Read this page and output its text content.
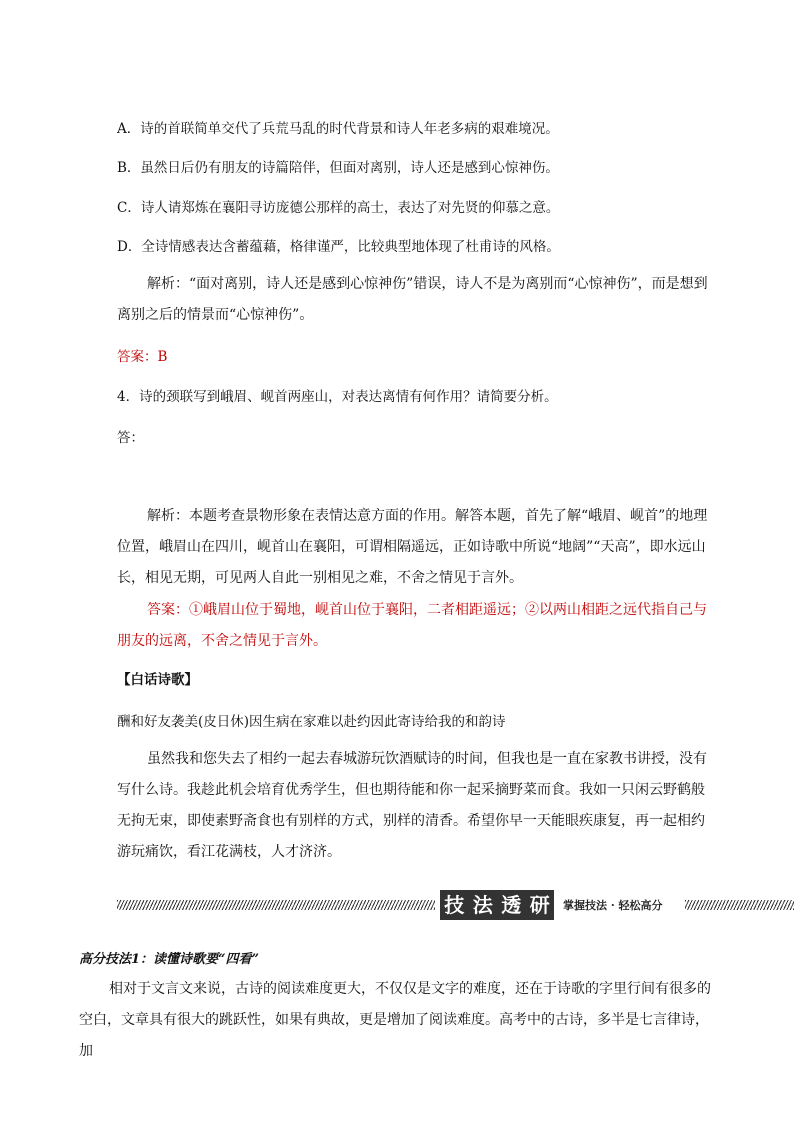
A．诗的首联简单交代了兵荒马乱的时代背景和诗人年老多病的艰难境况。
B．虽然日后仍有朋友的诗篇陪伴，但面对离别，诗人还是感到心惊神伤。
C．诗人请郑炼在襄阳寻访庞德公那样的高士，表达了对先贤的仰慕之意。
D．全诗情感表达含蓄蕴藉，格律谨严，比较典型地体现了杜甫诗的风格。
解析：“面对离别，诗人还是感到心惊神伤”错误，诗人不是为离别而“心惊神伤”，而是想到离别之后的情景而“心惊神伤”。
答案：B
4．诗的颈联写到峨眉、岘首两座山，对表达离情有何作用？请简要分析。
答：
解析：本题考查景物形象在表情达意方面的作用。解答本题，首先了解“峨眉、岘首”的地理位置，峨眉山在四川，岘首山在襄阳，可谓相隔遥远，正如诗歌中所说“地阔”“天高”，即水远山长，相见无期，可见两人自此一别相见之难，不舍之情见于言外。
答案：①峨眉山位于蜀地，岘首山位于襄阳，二者相距遥远；②以两山相距之远代指自己与朋友的远离，不舍之情见于言外。
【白话诗歌】
酬和好友袭美(皮日休)因生病在家难以赴约因此寄诗给我的和韵诗
虽然我和您失去了相约一起去春城游玩饮酒赋诗的时间，但我也是一直在家教书讲授，没有写什么诗。我趁此机会培育优秀学生，但也期待能和你一起采摘野菜而食。我如一只闲云野鹤般无拘无束，即使素野斋食也有别样的方式，别样的清香。希望你早一天能眼疾康复，再一起相约游玩痛饮，看江花满枝，人才济济。
技 法 透 研	掌握技法 · 轻松高分
高分技法1：读懂诗歌要“四看”
相对于文言文来说，古诗的阅读难度更大，不仅仅是文字的难度，还在于诗歌的字里行间有很多的空白，文章具有很大的跳跃性，如果有典故，更是增加了阅读难度。高考中的古诗，多半是七言律诗，加
